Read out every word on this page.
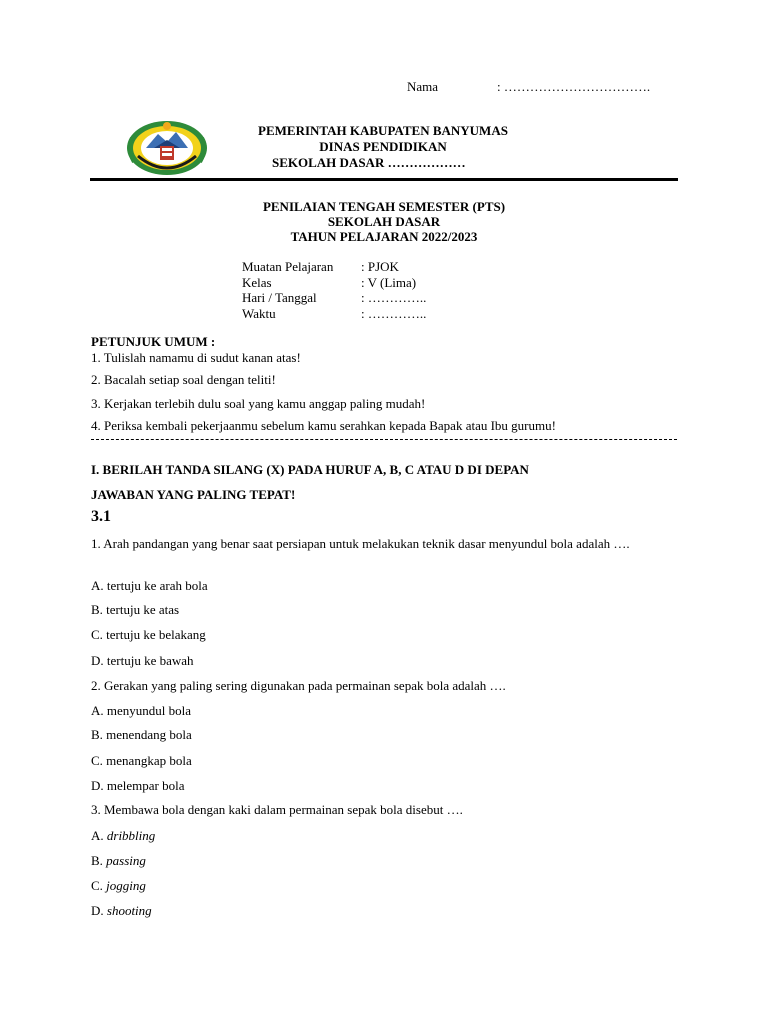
Nama	: …………………………….
PEMERINTAH KABUPATEN BANYUMAS
DINAS PENDIDIKAN
SEKOLAH DASAR ………………
PENILAIAN TENGAH SEMESTER (PTS)
SEKOLAH DASAR
TAHUN PELAJARAN 2022/2023
Muatan Pelajaran	: PJOK
Kelas	: V (Lima)
Hari / Tanggal	: …………..
Waktu	: …………..
PETUNJUK UMUM :
1. Tulislah namamu di sudut kanan atas!
2. Bacalah setiap soal dengan teliti!
3. Kerjakan terlebih dulu soal yang kamu anggap paling mudah!
4. Periksa kembali pekerjaanmu sebelum kamu serahkan kepada Bapak atau Ibu gurumu!
I. BERILAH TANDA SILANG (X) PADA HURUF A, B, C ATAU D DI DEPAN
JAWABAN YANG PALING TEPAT!
3.1
1. Arah pandangan yang benar saat persiapan untuk melakukan teknik dasar menyundul bola adalah ….
A. tertuju ke arah bola
B. tertuju ke atas
C. tertuju ke belakang
D. tertuju ke bawah
2. Gerakan yang paling sering digunakan pada permainan sepak bola adalah ….
A. menyundul bola
B. menendang bola
C. menangkap bola
D. melempar bola
3. Membawa bola dengan kaki dalam permainan sepak bola disebut ….
A. dribbling
B. passing
C. jogging
D. shooting
